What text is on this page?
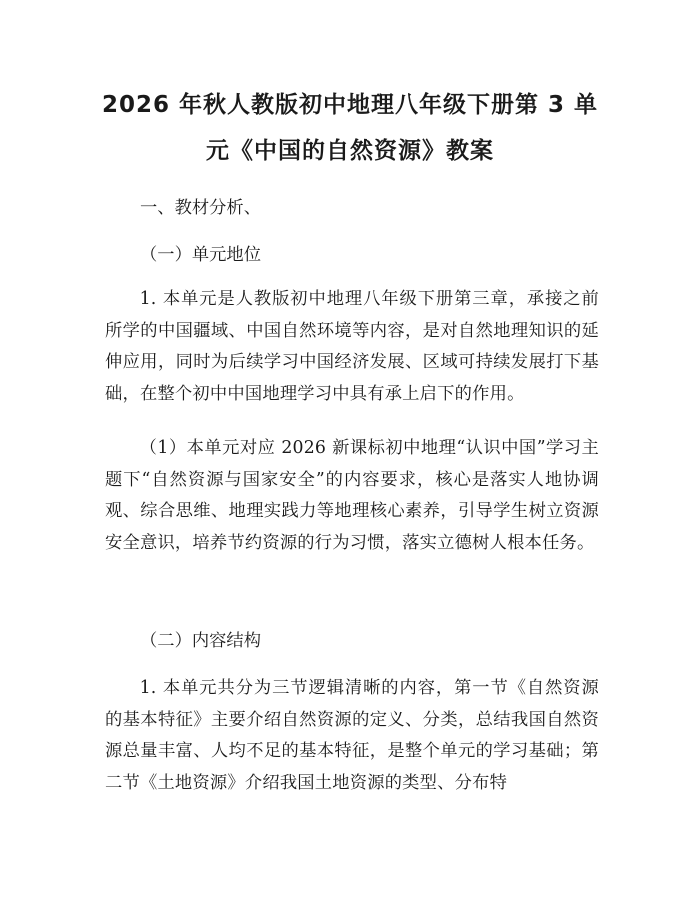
2026 年秋人教版初中地理八年级下册第 3 单
元《中国的自然资源》教案

一、教材分析、

（一）单元地位

1. 本单元是人教版初中地理八年级下册第三章，承接之前所学的中国疆域、中国自然环境等内容，是对自然地理知识的延伸应用，同时为后续学习中国经济发展、区域可持续发展打下基础，在整个初中中国地理学习中具有承上启下的作用。

（1）本单元对应 2026 新课标初中地理“认识中国”学习主题下“自然资源与国家安全”的内容要求，核心是落实人地协调观、综合思维、地理实践力等地理核心素养，引导学生树立资源安全意识，培养节约资源的行为习惯，落实立德树人根本任务。

（二）内容结构

1. 本单元共分为三节逻辑清晰的内容，第一节《自然资源的基本特征》主要介绍自然资源的定义、分类，总结我国自然资源总量丰富、人均不足的基本特征，是整个单元的学习基础；第二节《土地资源》介绍我国土地资源的类型、分布特
